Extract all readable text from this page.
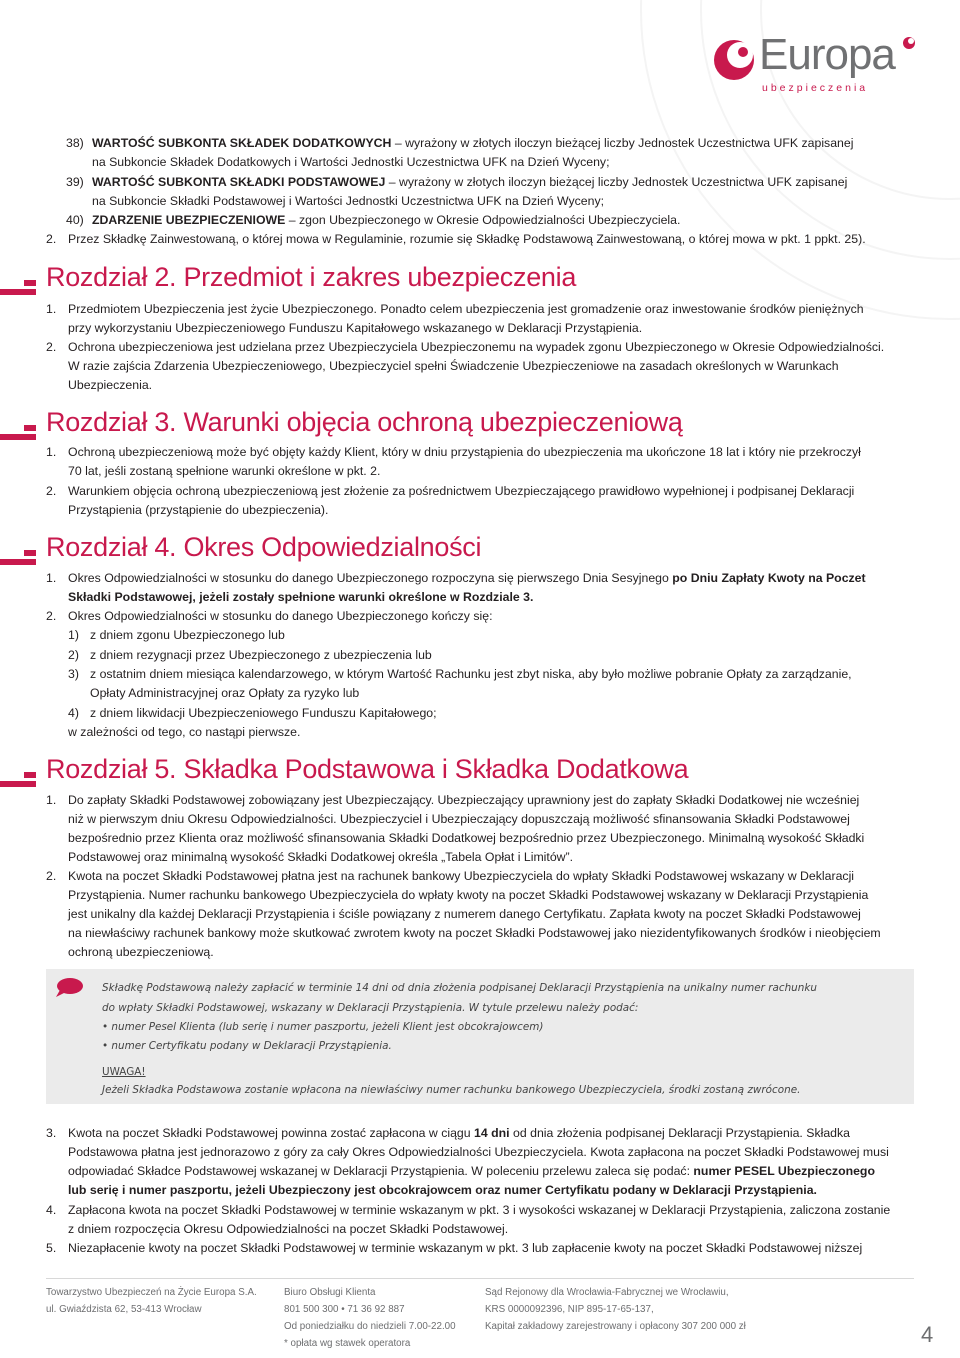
Europa
ubezpieczenia
38) WARTOŚĆ SUBKONTA SKŁADEK DODATKOWYCH – wyrażony w złotych iloczyn bieżącej liczby Jednostek Uczestnictwa UFK zapisanej
na Subkoncie Składek Dodatkowych i Wartości Jednostki Uczestnictwa UFK na Dzień Wyceny;
39) WARTOŚĆ SUBKONTA SKŁADKI PODSTAWOWEJ – wyrażony w złotych iloczyn bieżącej liczby Jednostek Uczestnictwa UFK zapisanej
na Subkoncie Składki Podstawowej i Wartości Jednostki Uczestnictwa UFK na Dzień Wyceny;
40) ZDARZENIE UBEZPIECZENIOWE – zgon Ubezpieczonego w Okresie Odpowiedzialności Ubezpieczyciela.
2. Przez Składkę Zainwestowaną, o której mowa w Regulaminie, rozumie się Składkę Podstawową Zainwestowaną, o której mowa w pkt. 1 ppkt. 25).
Rozdział 2. Przedmiot i zakres ubezpieczenia
1. Przedmiotem Ubezpieczenia jest życie Ubezpieczonego. Ponadto celem ubezpieczenia jest gromadzenie oraz inwestowanie środków pieniężnych
przy wykorzystaniu Ubezpieczeniowego Funduszu Kapitałowego wskazanego w Deklaracji Przystąpienia.
2. Ochrona ubezpieczeniowa jest udzielana przez Ubezpieczyciela Ubezpieczonemu na wypadek zgonu Ubezpieczonego w Okresie Odpowiedzialności.
W razie zajścia Zdarzenia Ubezpieczeniowego, Ubezpieczyciel spełni Świadczenie Ubezpieczeniowe na zasadach określonych w Warunkach
Ubezpieczenia.
Rozdział 3. Warunki objęcia ochroną ubezpieczeniową
1. Ochroną ubezpieczeniową może być objęty każdy Klient, który w dniu przystąpienia do ubezpieczenia ma ukończone 18 lat i który nie przekroczył
70 lat, jeśli zostaną spełnione warunki określone w pkt. 2.
2. Warunkiem objęcia ochroną ubezpieczeniową jest złożenie za pośrednictwem Ubezpieczającego prawidłowo wypełnionej i podpisanej Deklaracji
Przystąpienia (przystąpienie do ubezpieczenia).
Rozdział 4. Okres Odpowiedzialności
1. Okres Odpowiedzialności w stosunku do danego Ubezpieczonego rozpoczyna się pierwszego Dnia Sesyjnego po Dniu Zapłaty Kwoty na Poczet
Składki Podstawowej, jeżeli zostały spełnione warunki określone w Rozdziale 3.
2. Okres Odpowiedzialności w stosunku do danego Ubezpieczonego kończy się:
1) z dniem zgonu Ubezpieczonego lub
2) z dniem rezygnacji przez Ubezpieczonego z ubezpieczenia lub
3) z ostatnim dniem miesiąca kalendarzowego, w którym Wartość Rachunku jest zbyt niska, aby było możliwe pobranie Opłaty za zarządzanie,
Opłaty Administracyjnej oraz Opłaty za ryzyko lub
4) z dniem likwidacji Ubezpieczeniowego Funduszu Kapitałowego;
w zależności od tego, co nastąpi pierwsze.
Rozdział 5. Składka Podstawowa i Składka Dodatkowa
1. Do zapłaty Składki Podstawowej zobowiązany jest Ubezpieczający. Ubezpieczający uprawniony jest do zapłaty Składki Dodatkowej nie wcześniej
niż w pierwszym dniu Okresu Odpowiedzialności. Ubezpieczyciel i Ubezpieczający dopuszczają możliwość sfinansowania Składki Podstawowej
bezpośrednio przez Klienta oraz możliwość sfinansowania Składki Dodatkowej bezpośrednio przez Ubezpieczonego. Minimalną wysokość Składki
Podstawowej oraz minimalną wysokość Składki Dodatkowej określa „Tabela Opłat i Limitów”.
2. Kwota na poczet Składki Podstawowej płatna jest na rachunek bankowy Ubezpieczyciela do wpłaty Składki Podstawowej wskazany w Deklaracji
Przystąpienia. Numer rachunku bankowego Ubezpieczyciela do wpłaty kwoty na poczet Składki Podstawowej wskazany w Deklaracji Przystąpienia
jest unikalny dla każdej Deklaracji Przystąpienia i ściśle powiązany z numerem danego Certyfikatu. Zapłata kwoty na poczet Składki Podstawowej
na niewłaściwy rachunek bankowy może skutkować zwrotem kwoty na poczet Składki Podstawowej jako niezidentyfikowanych środków i nieobjęciem
ochroną ubezpieczeniową.
Składkę Podstawową należy zapłacić w terminie 14 dni od dnia złożenia podpisanej Deklaracji Przystąpienia na unikalny numer rachunku
do wpłaty Składki Podstawowej, wskazany w Deklaracji Przystąpienia. W tytule przelewu należy podać:
• numer Pesel Klienta (lub serię i numer paszportu, jeżeli Klient jest obcokrajowcem)
• numer Certyfikatu podany w Deklaracji Przystąpienia.
UWAGA!
Jeżeli Składka Podstawowa zostanie wpłacona na niewłaściwy numer rachunku bankowego Ubezpieczyciela, środki zostaną zwrócone.
3. Kwota na poczet Składki Podstawowej powinna zostać zapłacona w ciągu 14 dni od dnia złożenia podpisanej Deklaracji Przystąpienia. Składka
Podstawowa płatna jest jednorazowo z góry za cały Okres Odpowiedzialności Ubezpieczyciela. Kwota zapłacona na poczet Składki Podstawowej musi
odpowiadać Składce Podstawowej wskazanej w Deklaracji Przystąpienia. W poleceniu przelewu zaleca się podać: numer PESEL Ubezpieczonego
lub serię i numer paszportu, jeżeli Ubezpieczony jest obcokrajowcem oraz numer Certyfikatu podany w Deklaracji Przystąpienia.
4. Zapłacona kwota na poczet Składki Podstawowej w terminie wskazanym w pkt. 3 i wysokości wskazanej w Deklaracji Przystąpienia, zaliczona zostanie
z dniem rozpoczęcia Okresu Odpowiedzialności na poczet Składki Podstawowej.
5. Niezapłacenie kwoty na poczet Składki Podstawowej w terminie wskazanym w pkt. 3 lub zapłacenie kwoty na poczet Składki Podstawowej niższej
Towarzystwo Ubezpieczeń na Życie Europa S.A.
ul. Gwiaździsta 62, 53-413 Wrocław
Biuro Obsługi Klienta
801 500 300 • 71 36 92 887
Od poniedziałku do niedzieli 7.00-22.00
* opłata wg stawek operatora
Sąd Rejonowy dla Wrocławia-Fabrycznej we Wrocławiu,
KRS 0000092396, NIP 895-17-65-137,
Kapitał zakładowy zarejestrowany i opłacony 307 200 000 zł	4
